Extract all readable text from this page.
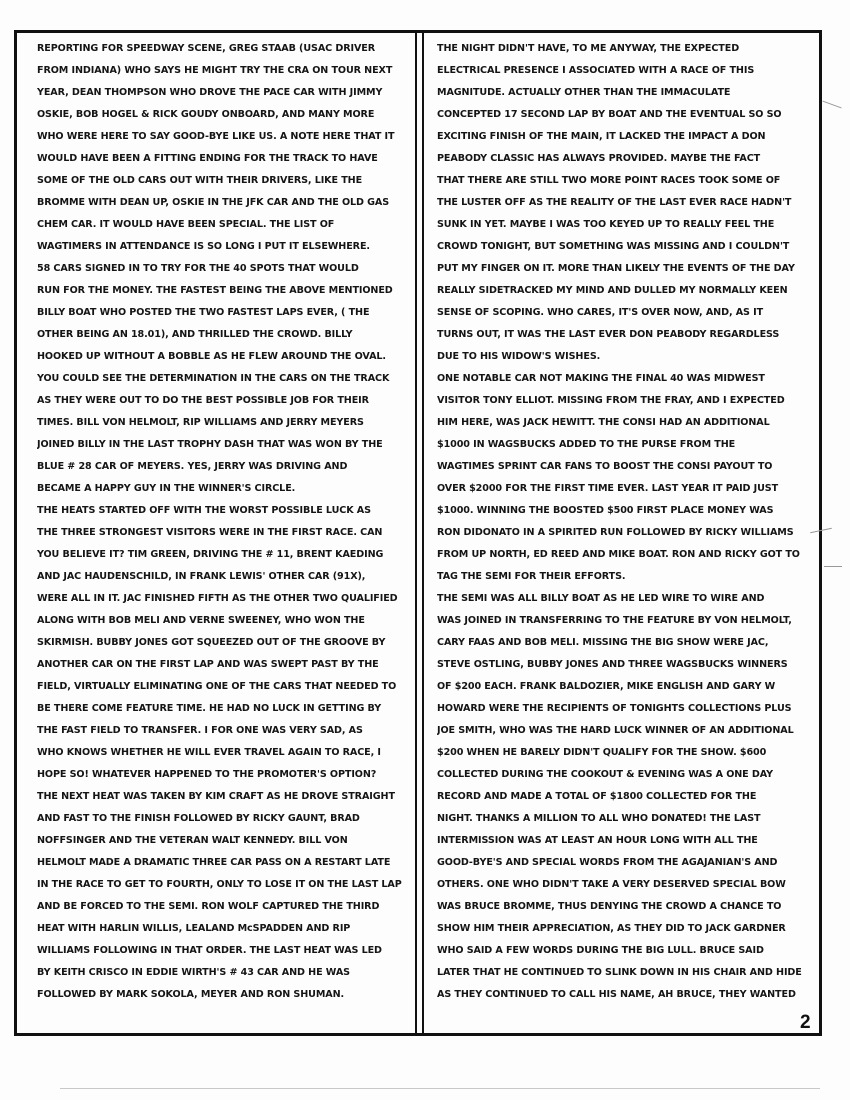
REPORTING FOR SPEEDWAY SCENE, GREG STAAB (USAC DRIVER
FROM INDIANA) WHO SAYS HE MIGHT TRY THE CRA ON TOUR NEXT
YEAR, DEAN THOMPSON WHO DROVE THE PACE CAR WITH JIMMY
OSKIE, BOB HOGEL & RICK GOUDY ONBOARD, AND MANY MORE
WHO WERE HERE TO SAY GOOD-BYE LIKE US. A NOTE HERE THAT IT
WOULD HAVE BEEN A FITTING ENDING FOR THE TRACK TO HAVE
SOME OF THE OLD CARS OUT WITH THEIR DRIVERS, LIKE THE
BROMME WITH DEAN UP, OSKIE IN THE JFK CAR AND THE OLD GAS
CHEM CAR. IT WOULD HAVE BEEN SPECIAL. THE LIST OF
WAGTIMERS IN ATTENDANCE IS SO LONG I PUT IT ELSEWHERE.
58 CARS SIGNED IN TO TRY FOR THE 40 SPOTS THAT WOULD
RUN FOR THE MONEY. THE FASTEST BEING THE ABOVE MENTIONED
BILLY BOAT WHO POSTED THE TWO FASTEST LAPS EVER, ( THE
OTHER BEING AN 18.01), AND THRILLED THE CROWD. BILLY
HOOKED UP WITHOUT A BOBBLE AS HE FLEW AROUND THE OVAL.
YOU COULD SEE THE DETERMINATION IN THE CARS ON THE TRACK
AS THEY WERE OUT TO DO THE BEST POSSIBLE JOB FOR THEIR
TIMES. BILL VON HELMOLT, RIP WILLIAMS AND JERRY MEYERS
JOINED BILLY IN THE LAST TROPHY DASH THAT WAS WON BY THE
BLUE # 28 CAR OF MEYERS. YES, JERRY WAS DRIVING AND
BECAME A HAPPY GUY IN THE WINNER'S CIRCLE.
THE HEATS STARTED OFF WITH THE WORST POSSIBLE LUCK AS
THE THREE STRONGEST VISITORS WERE IN THE FIRST RACE. CAN
YOU BELIEVE IT? TIM GREEN, DRIVING THE # 11, BRENT KAEDING
AND JAC HAUDENSCHILD, IN FRANK LEWIS' OTHER CAR (91X),
WERE ALL IN IT. JAC FINISHED FIFTH AS THE OTHER TWO QUALIFIED
ALONG WITH BOB MELI AND VERNE SWEENEY, WHO WON THE
SKIRMISH. BUBBY JONES GOT SQUEEZED OUT OF THE GROOVE BY
ANOTHER CAR ON THE FIRST LAP AND WAS SWEPT PAST BY THE
FIELD, VIRTUALLY ELIMINATING ONE OF THE CARS THAT NEEDED TO
BE THERE COME FEATURE TIME. HE HAD NO LUCK IN GETTING BY
THE FAST FIELD TO TRANSFER. I FOR ONE WAS VERY SAD, AS
WHO KNOWS WHETHER HE WILL EVER TRAVEL AGAIN TO RACE, I
HOPE SO! WHATEVER HAPPENED TO THE PROMOTER'S OPTION?
THE NEXT HEAT WAS TAKEN BY KIM CRAFT AS HE DROVE STRAIGHT
AND FAST TO THE FINISH FOLLOWED BY RICKY GAUNT, BRAD
NOFFSINGER AND THE VETERAN WALT KENNEDY. BILL VON
HELMOLT MADE A DRAMATIC THREE CAR PASS ON A RESTART LATE
IN THE RACE TO GET TO FOURTH, ONLY TO LOSE IT ON THE LAST LAP
AND BE FORCED TO THE SEMI. RON WOLF CAPTURED THE THIRD
HEAT WITH HARLIN WILLIS, LEALAND McSPADDEN AND RIP
WILLIAMS FOLLOWING IN THAT ORDER. THE LAST HEAT WAS LED
BY KEITH CRISCO IN EDDIE WIRTH'S # 43 CAR AND HE WAS
FOLLOWED BY MARK SOKOLA, MEYER AND RON SHUMAN.
THE NIGHT DIDN'T HAVE, TO ME ANYWAY, THE EXPECTED
ELECTRICAL PRESENCE I ASSOCIATED WITH A RACE OF THIS
MAGNITUDE. ACTUALLY OTHER THAN THE IMMACULATE
CONCEPTED 17 SECOND LAP BY BOAT AND THE EVENTUAL SO SO
EXCITING FINISH OF THE MAIN, IT LACKED THE IMPACT A DON
PEABODY CLASSIC HAS ALWAYS PROVIDED. MAYBE THE FACT
THAT THERE ARE STILL TWO MORE POINT RACES TOOK SOME OF
THE LUSTER OFF AS THE REALITY OF THE LAST EVER RACE HADN'T
SUNK IN YET. MAYBE I WAS TOO KEYED UP TO REALLY FEEL THE
CROWD TONIGHT, BUT SOMETHING WAS MISSING AND I COULDN'T
PUT MY FINGER ON IT. MORE THAN LIKELY THE EVENTS OF THE DAY
REALLY SIDETRACKED MY MIND AND DULLED MY NORMALLY KEEN
SENSE OF SCOPING. WHO CARES, IT'S OVER NOW, AND, AS IT
TURNS OUT, IT WAS THE LAST EVER DON PEABODY REGARDLESS
DUE TO HIS WIDOW'S WISHES.
ONE NOTABLE CAR NOT MAKING THE FINAL 40 WAS MIDWEST
VISITOR TONY ELLIOT. MISSING FROM THE FRAY, AND I EXPECTED
HIM HERE, WAS JACK HEWITT. THE CONSI HAD AN ADDITIONAL
$1000 IN WAGSBUCKS ADDED TO THE PURSE FROM THE
WAGTIMES SPRINT CAR FANS TO BOOST THE CONSI PAYOUT TO
OVER $2000 FOR THE FIRST TIME EVER. LAST YEAR IT PAID JUST
$1000. WINNING THE BOOSTED $500 FIRST PLACE MONEY WAS
RON DIDONATO IN A SPIRITED RUN FOLLOWED BY RICKY WILLIAMS
FROM UP NORTH, ED REED AND MIKE BOAT. RON AND RICKY GOT TO
TAG THE SEMI FOR THEIR EFFORTS.
THE SEMI WAS ALL BILLY BOAT AS HE LED WIRE TO WIRE AND
WAS JOINED IN TRANSFERRING TO THE FEATURE BY VON HELMOLT,
CARY FAAS AND BOB MELI. MISSING THE BIG SHOW WERE JAC,
STEVE OSTLING, BUBBY JONES AND THREE WAGSBUCKS WINNERS
OF $200 EACH. FRANK BALDOZIER, MIKE ENGLISH AND GARY W
HOWARD WERE THE RECIPIENTS OF TONIGHTS COLLECTIONS PLUS
JOE SMITH, WHO WAS THE HARD LUCK WINNER OF AN ADDITIONAL
$200 WHEN HE BARELY DIDN'T QUALIFY FOR THE SHOW. $600
COLLECTED DURING THE COOKOUT & EVENING WAS A ONE DAY
RECORD AND MADE A TOTAL OF $1800 COLLECTED FOR THE
NIGHT. THANKS A MILLION TO ALL WHO DONATED! THE LAST
INTERMISSION WAS AT LEAST AN HOUR LONG WITH ALL THE
GOOD-BYE'S AND SPECIAL WORDS FROM THE AGAJANIAN'S AND
OTHERS. ONE WHO DIDN'T TAKE A VERY DESERVED SPECIAL BOW
WAS BRUCE BROMME, THUS DENYING THE CROWD A CHANCE TO
SHOW HIM THEIR APPRECIATION, AS THEY DID TO JACK GARDNER
WHO SAID A FEW WORDS DURING THE BIG LULL. BRUCE SAID
LATER THAT HE CONTINUED TO SLINK DOWN IN HIS CHAIR AND HIDE
AS THEY CONTINUED TO CALL HIS NAME, AH BRUCE, THEY WANTED
2
